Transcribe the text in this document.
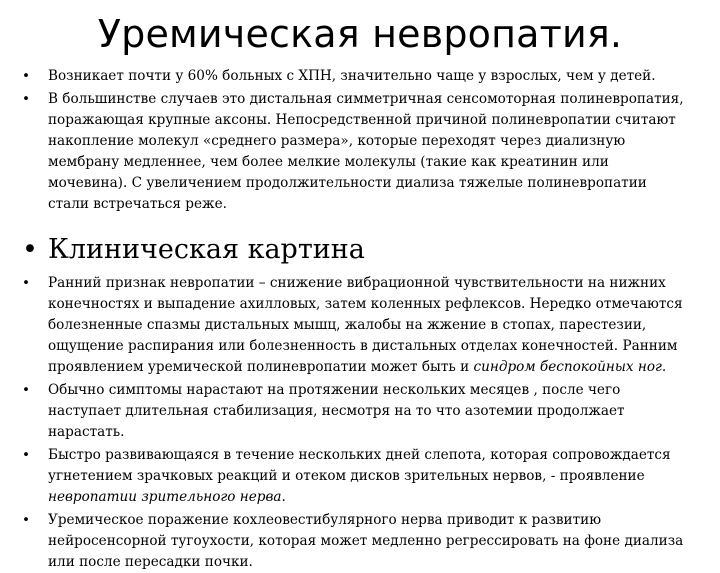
Уремическая невропатия.
• Возникает почти у 60% больных с ХПН, значительно чаще у взрослых, чем у детей.
• В большинстве случаев это дистальная симметричная сенсомоторная полиневропатия, поражающая крупные аксоны. Непосредственной причиной полиневропатии считают накопление молекул «среднего размера», которые переходят через диализную мембрану медленнее, чем более мелкие молекулы (такие как креатинин или мочевина). С увеличением продолжительности диализа тяжелые полиневропатии стали встречаться реже.
• Клиническая картина
• Ранний признак невропатии – снижение вибрационной чувствительности на нижних конечностях и выпадение ахилловых, затем коленных рефлексов. Нередко отмечаются болезненные спазмы дистальных мышц, жалобы на жжение в стопах, парестезии, ощущение распирания или болезненность в дистальных отделах конечностей. Ранним проявлением уремической полиневропатии может быть и синдром беспокойных ног.
• Обычно симптомы нарастают на протяжении нескольких месяцев , после чего наступает длительная стабилизация, несмотря на то что азотемии продолжает нарастать.
• Быстро развивающаяся в течение нескольких дней слепота, которая сопровождается угнетением зрачковых реакций и отеком дисков зрительных нервов, - проявление невропатии зрительного нерва.
• Уремическое поражение кохлеовестибулярного нерва приводит к развитию нейросенсорной тугоухости, которая может медленно регрессировать на фоне диализа или после пересадки почки.
